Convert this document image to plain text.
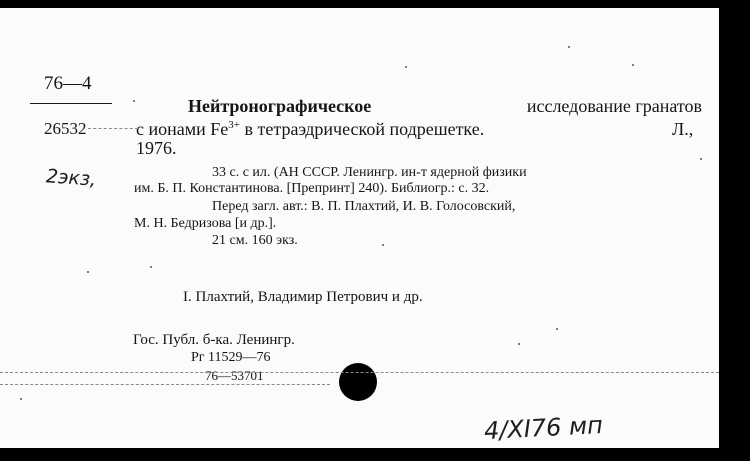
76—4
26532
2экз,
Нейтронографическое	исследование гранатов
с ионами $Fe^{3+}$ в тетраэдрической подрешетке.	Л.,
1976.
33 с. с ил. (АН СССР. Ленингр. ин-т ядерной физики
им. Б. П. Константинова. [Препринт] 240). Библиогр.: с. 32.
Перед загл. авт.: В. П. Плахтий, И. В. Голосовский,
М. Н. Бедризова [и др.].
21 см. 160 экз.
I. Плахтий, Владимир Петрович и др.
Гос. Публ. б-ка. Ленингр.
Рг 11529—76
76—53701
4/XI76 мп
